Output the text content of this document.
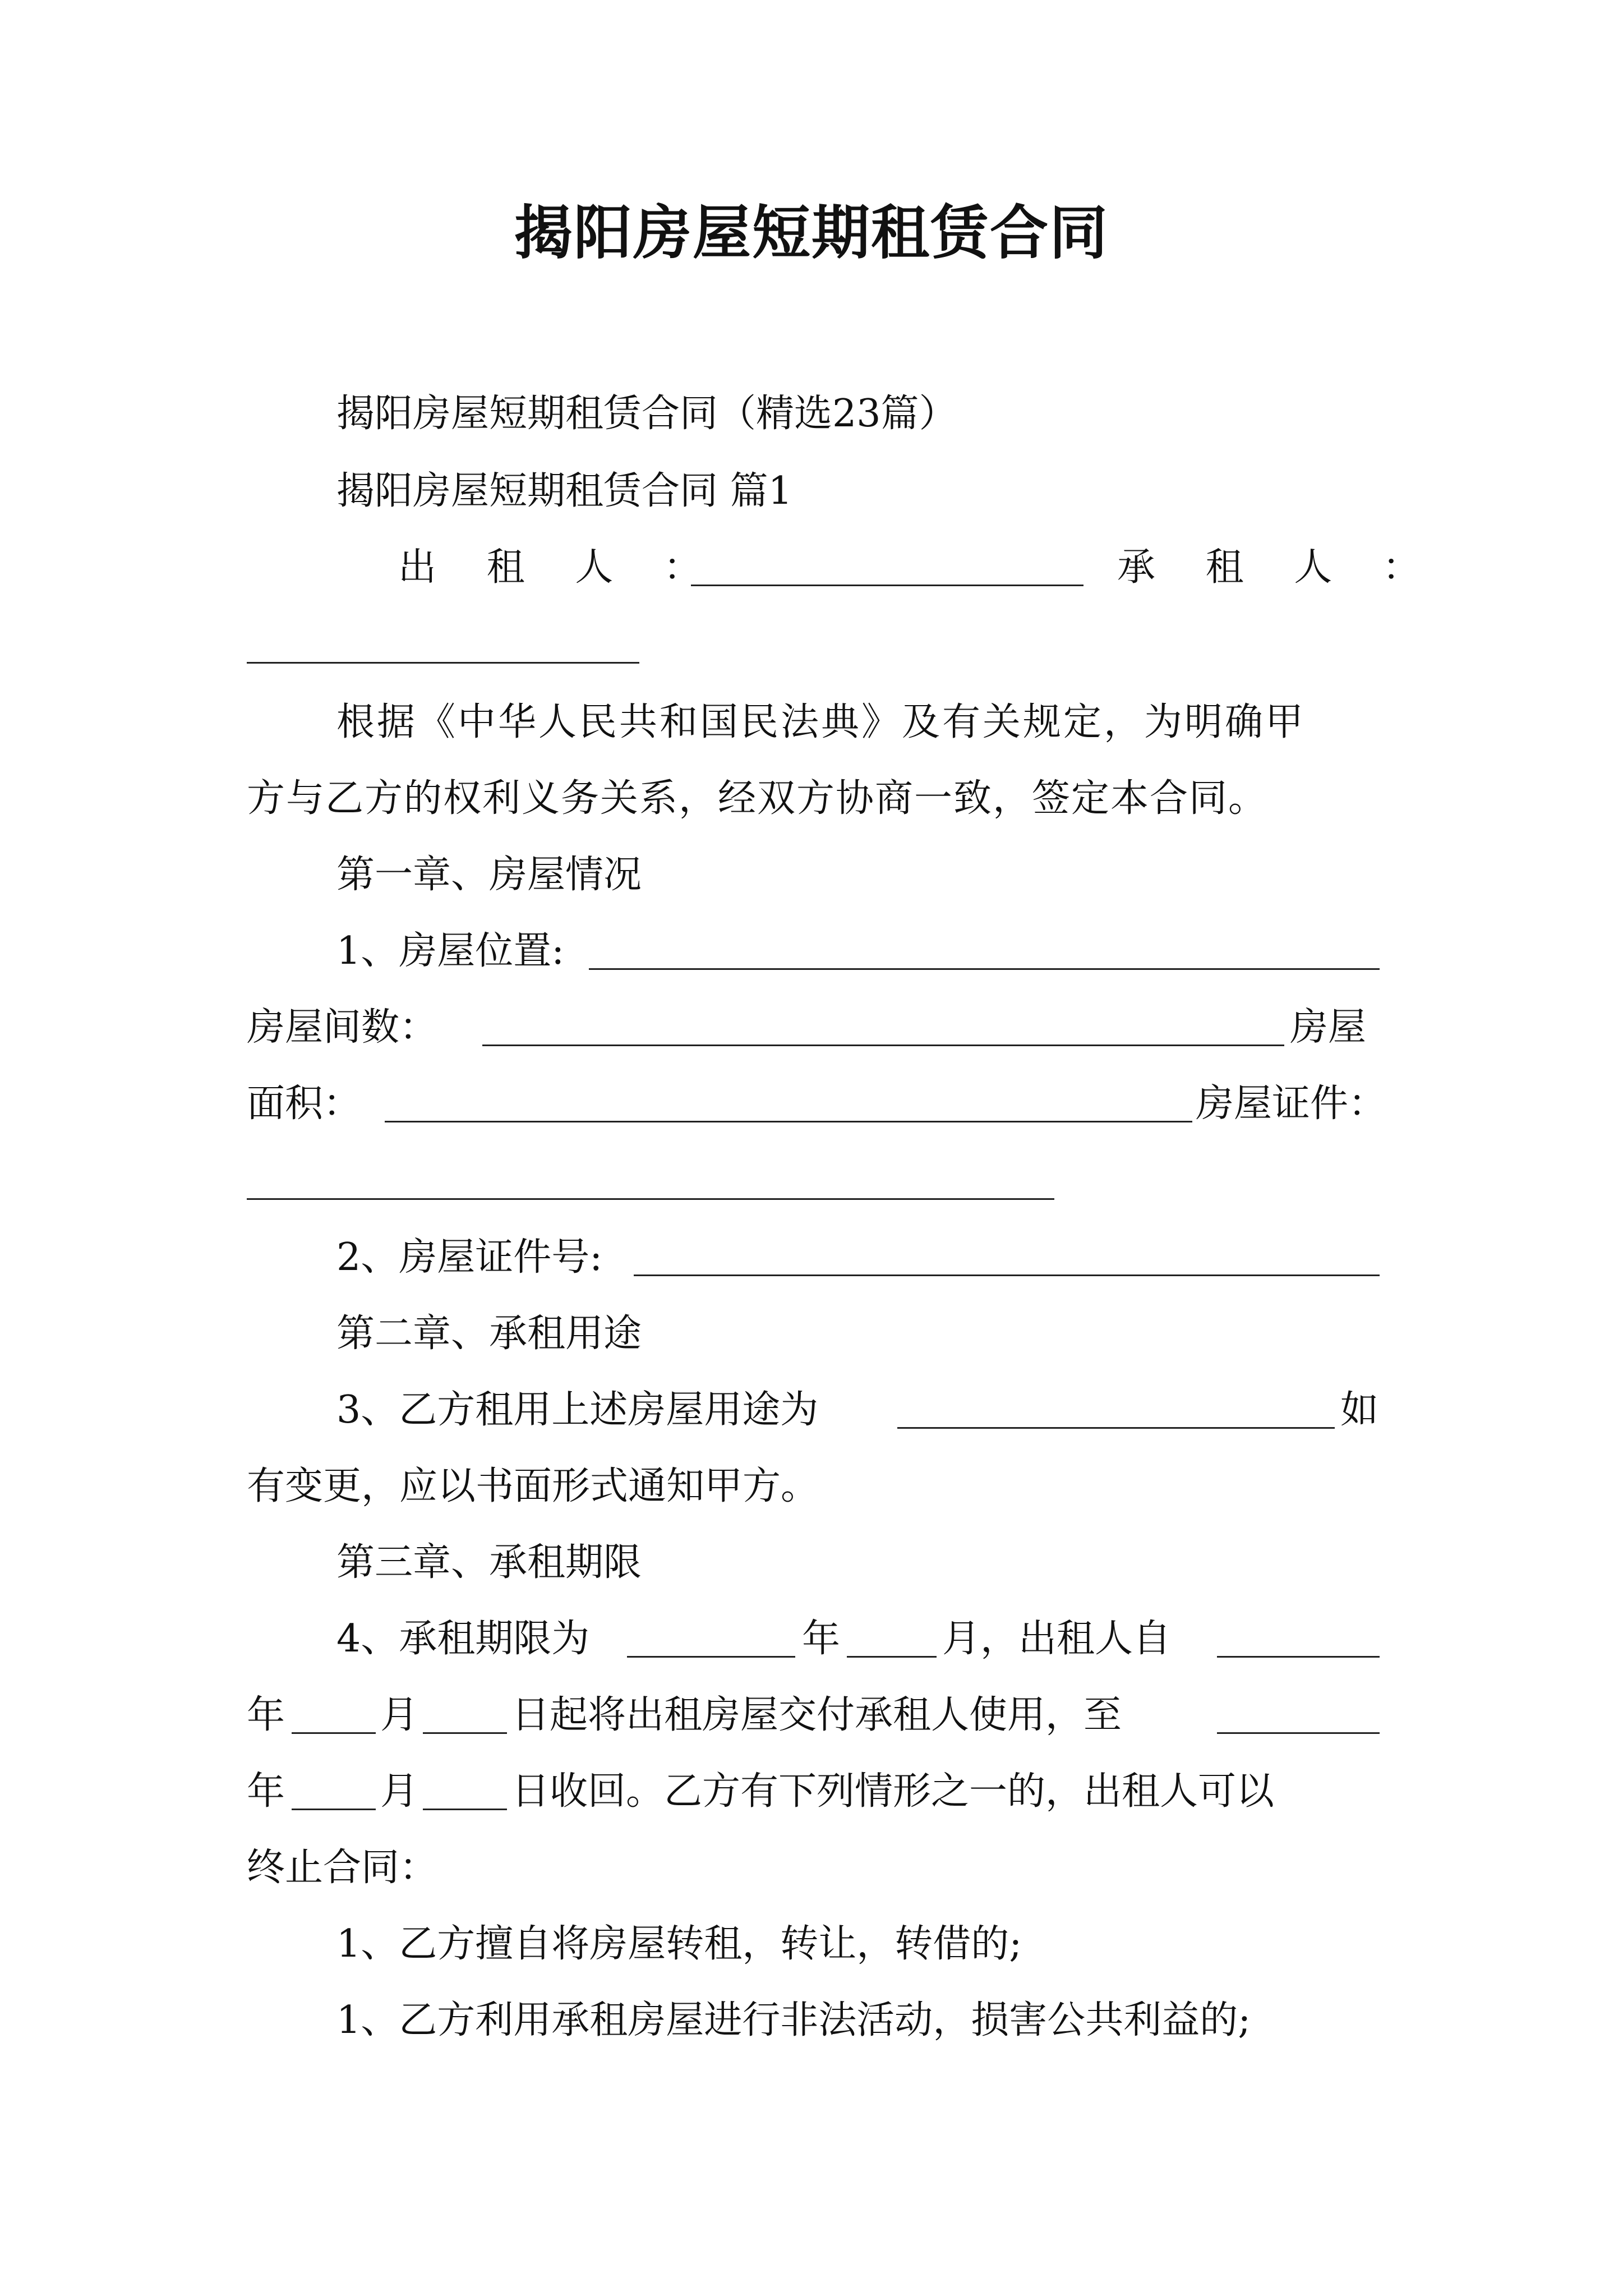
揭阳房屋短期租赁合同
揭阳房屋短期租赁合同（精选23篇）
揭阳房屋短期租赁合同 篇1
出 租 人 ：	承 租 人 ：
根据《中华人民共和国民法典》及有关规定，为明确甲
方与乙方的权利义务关系，经双方协商一致，签定本合同。
第一章、房屋情况
1、房屋位置:
房屋间数：	房屋
面积：	房屋证件：
2、房屋证件号:
第二章、承租用途
3、乙方租用上述房屋用途为	如
有变更，应以书面形式通知甲方。
第三章、承租期限
4、承租期限为	年	月，出租人自
年 月 日起将出租房屋交付承租人使用，至
年 月 日收回。乙方有下列情形之一的，出租人可以
终止合同：
1、乙方擅自将房屋转租，转让，转借的;
1、乙方利用承租房屋进行非法活动，损害公共利益的;
